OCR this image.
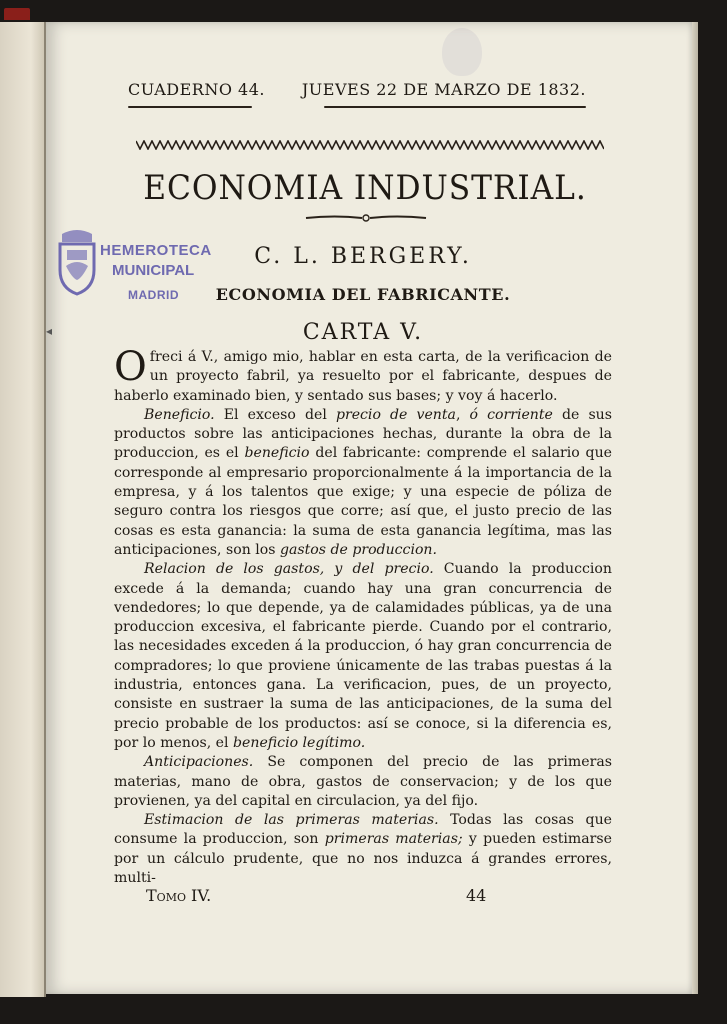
CUADERNO 44. JUEVES 22 DE MARZO DE 1832.
ECONOMIA INDUSTRIAL.
HEMEROTECA
MUNICIPAL
MADRID
C. L. BERGERY.
ECONOMIA DEL FABRICANTE.
CARTA V.
◂

Ofreci á V., amigo mio, hablar en esta carta, de la verificacion de un proyecto fabril, ya resuelto por el fabricante, despues de haberlo examinado bien, y sentado sus bases; y voy á hacerlo.

Beneficio. El exceso del precio de venta, ó corriente de sus productos sobre las anticipaciones hechas, durante la obra de la produccion, es el beneficio del fabricante: comprende el salario que corresponde al empresario proporcionalmente á la importancia de la empresa, y á los talentos que exige; y una especie de póliza de seguro contra los riesgos que corre; así que, el justo precio de las cosas es esta ganancia: la suma de esta ganancia legítima, mas las anticipaciones, son los gastos de produccion.

Relacion de los gastos, y del precio. Cuando la produccion excede á la demanda; cuando hay una gran concurrencia de vendedores; lo que depende, ya de calamidades públicas, ya de una produccion excesiva, el fabricante pierde. Cuando por el contrario, las necesidades exceden á la produccion, ó hay gran concurrencia de compradores; lo que proviene únicamente de las trabas puestas á la industria, entonces gana. La verificacion, pues, de un proyecto, consiste en sustraer la suma de las anticipaciones, de la suma del precio probable de los productos: así se conoce, si la diferencia es, por lo menos, el beneficio legítimo.

Anticipaciones. Se componen del precio de las primeras materias, mano de obra, gastos de conservacion; y de los que provienen, ya del capital en circulacion, ya del fijo.

Estimacion de las primeras materias. Todas las cosas que consume la produccion, son primeras materias; y pueden estimarse por un cálculo prudente, que no nos induzca á grandes errores, multi-

Tomo IV.	44
